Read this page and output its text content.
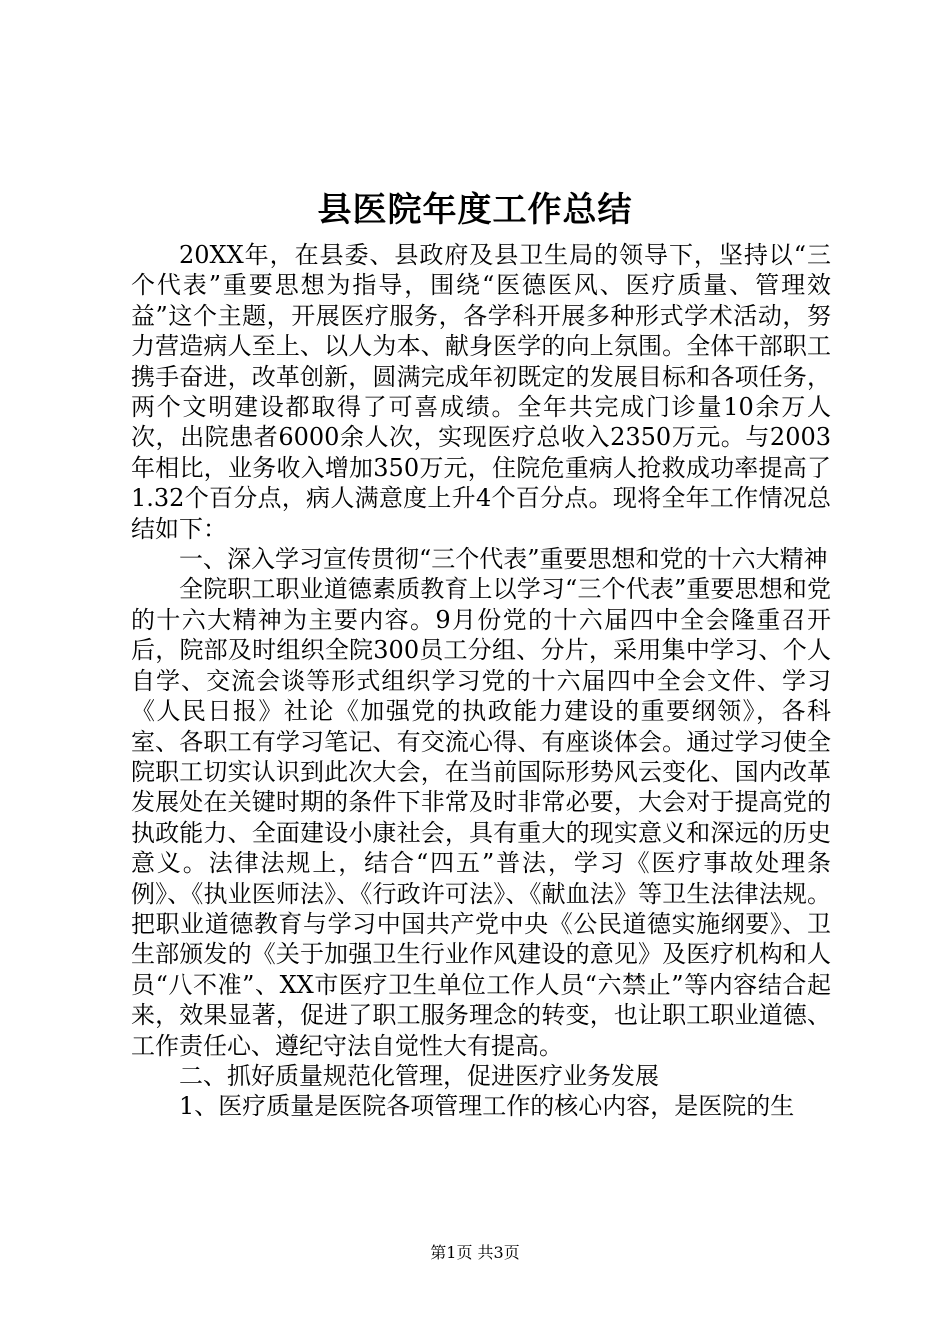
县医院年度工作总结

20XX年，在县委、县政府及县卫生局的领导下，坚持以“三个代表”重要思想为指导，围绕“医德医风、医疗质量、管理效益”这个主题，开展医疗服务，各学科开展多种形式学术活动，努力营造病人至上、以人为本、献身医学的向上氛围。全体干部职工携手奋进，改革创新，圆满完成年初既定的发展目标和各项任务，两个文明建设都取得了可喜成绩。全年共完成门诊量10余万人次，出院患者6000余人次，实现医疗总收入2350万元。与2003年相比，业务收入增加350万元，住院危重病人抢救成功率提高了1.32个百分点，病人满意度上升4个百分点。现将全年工作情况总结如下：

一、深入学习宣传贯彻“三个代表”重要思想和党的十六大精神

全院职工职业道德素质教育上以学习“三个代表”重要思想和党的十六大精神为主要内容。9月份党的十六届四中全会隆重召开后，院部及时组织全院300员工分组、分片，采用集中学习、个人自学、交流会谈等形式组织学习党的十六届四中全会文件、学习《人民日报》社论《加强党的执政能力建设的重要纲领》，各科室、各职工有学习笔记、有交流心得、有座谈体会。通过学习使全院职工切实认识到此次大会，在当前国际形势风云变化、国内改革发展处在关键时期的条件下非常及时非常必要，大会对于提高党的执政能力、全面建设小康社会，具有重大的现实意义和深远的历史意义。法律法规上，结合“四五”普法，学习《医疗事故处理条例》、《执业医师法》、《行政许可法》、《献血法》等卫生法律法规。把职业道德教育与学习中国共产党中央《公民道德实施纲要》、卫生部颁发的《关于加强卫生行业作风建设的意见》及医疗机构和人员“八不准”、XX市医疗卫生单位工作人员“六禁止”等内容结合起来，效果显著，促进了职工服务理念的转变，也让职工职业道德、工作责任心、遵纪守法自觉性大有提高。

二、抓好质量规范化管理，促进医疗业务发展

1、医疗质量是医院各项管理工作的核心内容，是医院的生

第1页 共3页
